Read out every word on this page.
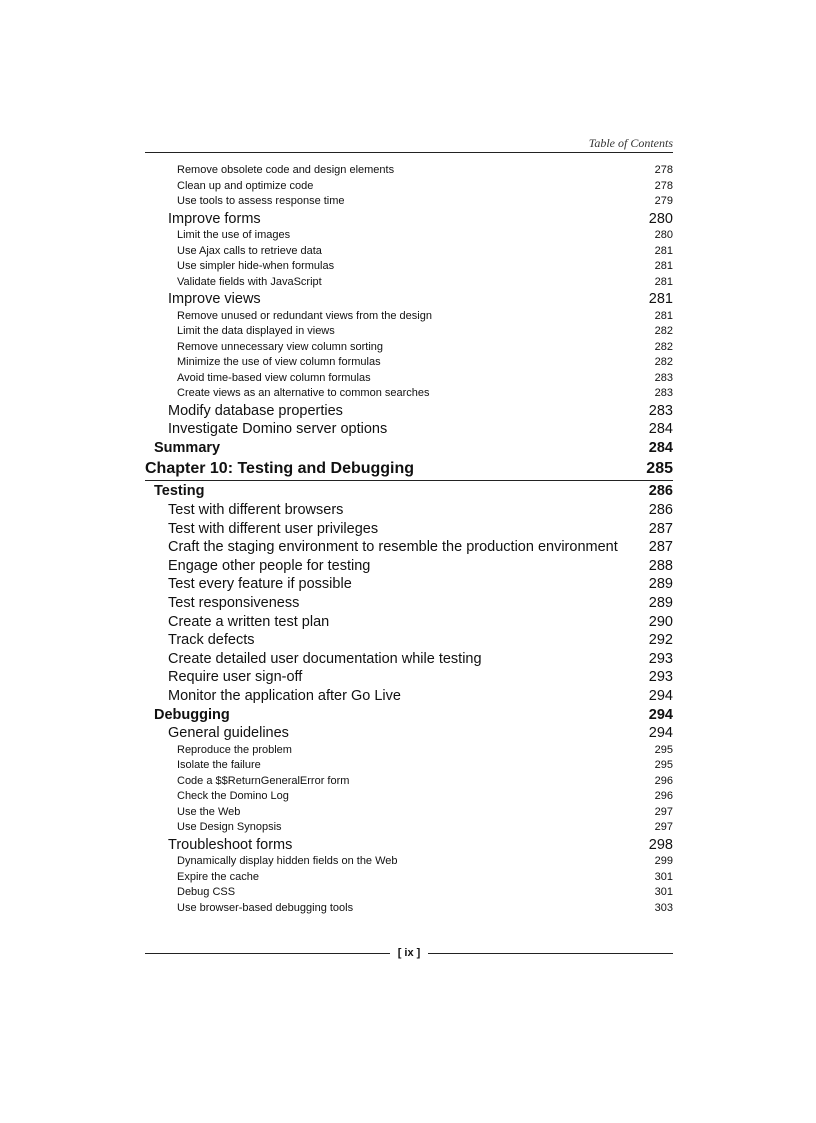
Table of Contents
Remove obsolete code and design elements	278
Clean up and optimize code	278
Use tools to assess response time	279
Improve forms	280
Limit the use of images	280
Use Ajax calls to retrieve data	281
Use simpler hide-when formulas	281
Validate fields with JavaScript	281
Improve views	281
Remove unused or redundant views from the design	281
Limit the data displayed in views	282
Remove unnecessary view column sorting	282
Minimize the use of view column formulas	282
Avoid time-based view column formulas	283
Create views as an alternative to common searches	283
Modify database properties	283
Investigate Domino server options	284
Summary	284
Chapter 10: Testing and Debugging	285
Testing	286
Test with different browsers	286
Test with different user privileges	287
Craft the staging environment to resemble the production environment 287
Engage other people for testing	288
Test every feature if possible	289
Test responsiveness	289
Create a written test plan	290
Track defects	292
Create detailed user documentation while testing	293
Require user sign-off	293
Monitor the application after Go Live	294
Debugging	294
General guidelines	294
Reproduce the problem	295
Isolate the failure	295
Code a $$ReturnGeneralError form	296
Check the Domino Log	296
Use the Web	297
Use Design Synopsis	297
Troubleshoot forms	298
Dynamically display hidden fields on the Web	299
Expire the cache	301
Debug CSS	301
Use browser-based debugging tools	303
[ ix ]
